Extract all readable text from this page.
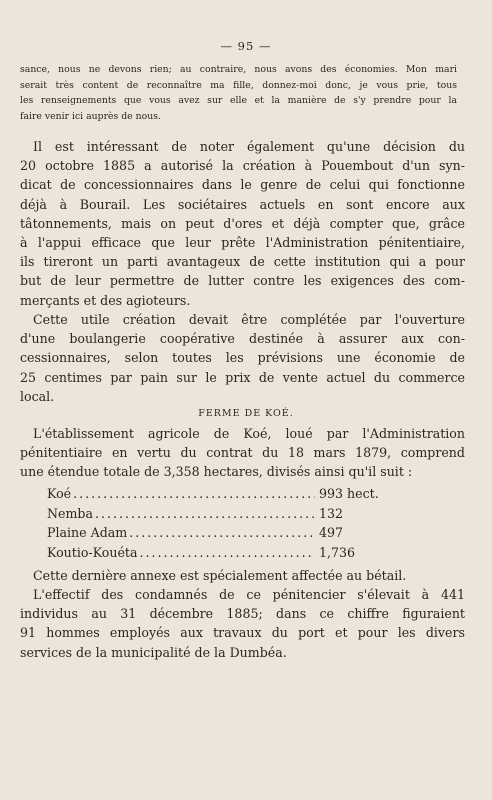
— 95 —

sance, nous ne devons rien; au contraire, nous avons des économies. Mon mari

serait très content de reconnaître ma fille, donnez-moi donc, je vous prie, tous

les renseignements que vous avez sur elle et la manière de s'y prendre pour la

faire venir ici auprès de nous.

Il est intéressant de noter également qu'une décision du

20 octobre 1885 a autorisé la création à Pouembout d'un syn-

dicat de concessionnaires dans le genre de celui qui fonctionne

déjà à Bourail. Les sociétaires actuels en sont encore aux

tâtonnements, mais on peut d'ores et déjà compter que, grâce

à l'appui efficace que leur prête l'Administration pénitentiaire,

ils tireront un parti avantageux de cette institution qui a pour

but de leur permettre de lutter contre les exigences des com-

merçants et des agioteurs.

Cette utile création devait être complétée par l'ouverture

d'une boulangerie coopérative destinée à assurer aux con-

cessionnaires, selon toutes les prévisions une économie de

25 centimes par pain sur le prix de vente actuel du commerce

local.

FERME DE KOÉ.

L'établissement agricole de Koé, loué par l'Administration

pénitentiaire en vertu du contrat du 18 mars 1879, comprend

une étendue totale de 3,358 hectares, divisés ainsi qu'il suit :

Koé .....	993 hect.
Nemba .....	132
Plaine Adam .....	497
Koutio-Kouéta .....	1,736

Cette dernière annexe est spécialement affectée au bétail.

L'effectif des condamnés de ce pénitencier s'élevait à 441

individus au 31 décembre 1885; dans ce chiffre figuraient

91 hommes employés aux travaux du port et pour les divers

services de la municipalité de la Dumbéa.
